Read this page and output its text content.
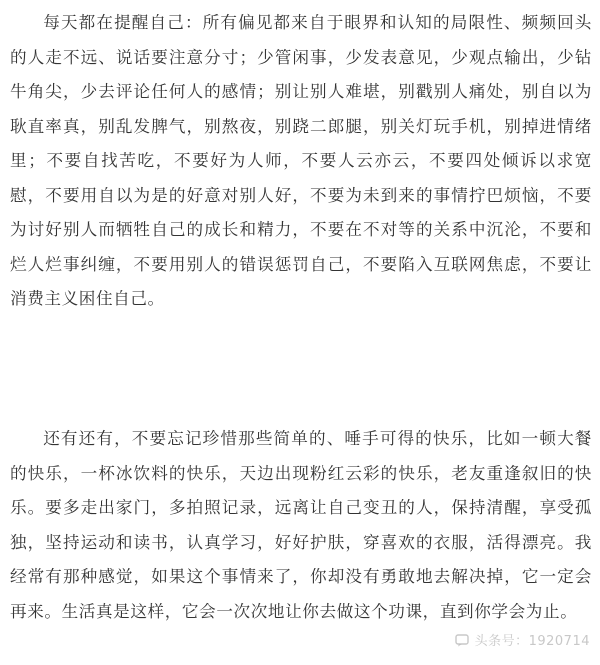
每天都在提醒自己：所有偏见都来自于眼界和认知的局限性、频频回头的人走不远、说话要注意分寸；少管闲事，少发表意见，少观点输出，少钻牛角尖，少去评论任何人的感情；别让别人难堪，别戳别人痛处，别自以为耿直率真，别乱发脾气，别熬夜，别跷二郎腿，别关灯玩手机，别掉进情绪里；不要自找苦吃，不要好为人师，不要人云亦云，不要四处倾诉以求宽慰，不要用自以为是的好意对别人好，不要为未到来的事情拧巴烦恼，不要为讨好别人而牺牲自己的成长和精力，不要在不对等的关系中沉沦，不要和烂人烂事纠缠，不要用别人的错误惩罚自己，不要陷入互联网焦虑，不要让消费主义困住自己。

还有还有，不要忘记珍惜那些简单的、唾手可得的快乐，比如一顿大餐的快乐，一杯冰饮料的快乐，天边出现粉红云彩的快乐，老友重逢叙旧的快乐。要多走出家门，多拍照记录，远离让自己变丑的人，保持清醒，享受孤独，坚持运动和读书，认真学习，好好护肤，穿喜欢的衣服，活得漂亮。我经常有那种感觉，如果这个事情来了，你却没有勇敢地去解决掉，它一定会再来。生活真是这样，它会一次次地让你去做这个功课，直到你学会为止。

头条号：1920714
